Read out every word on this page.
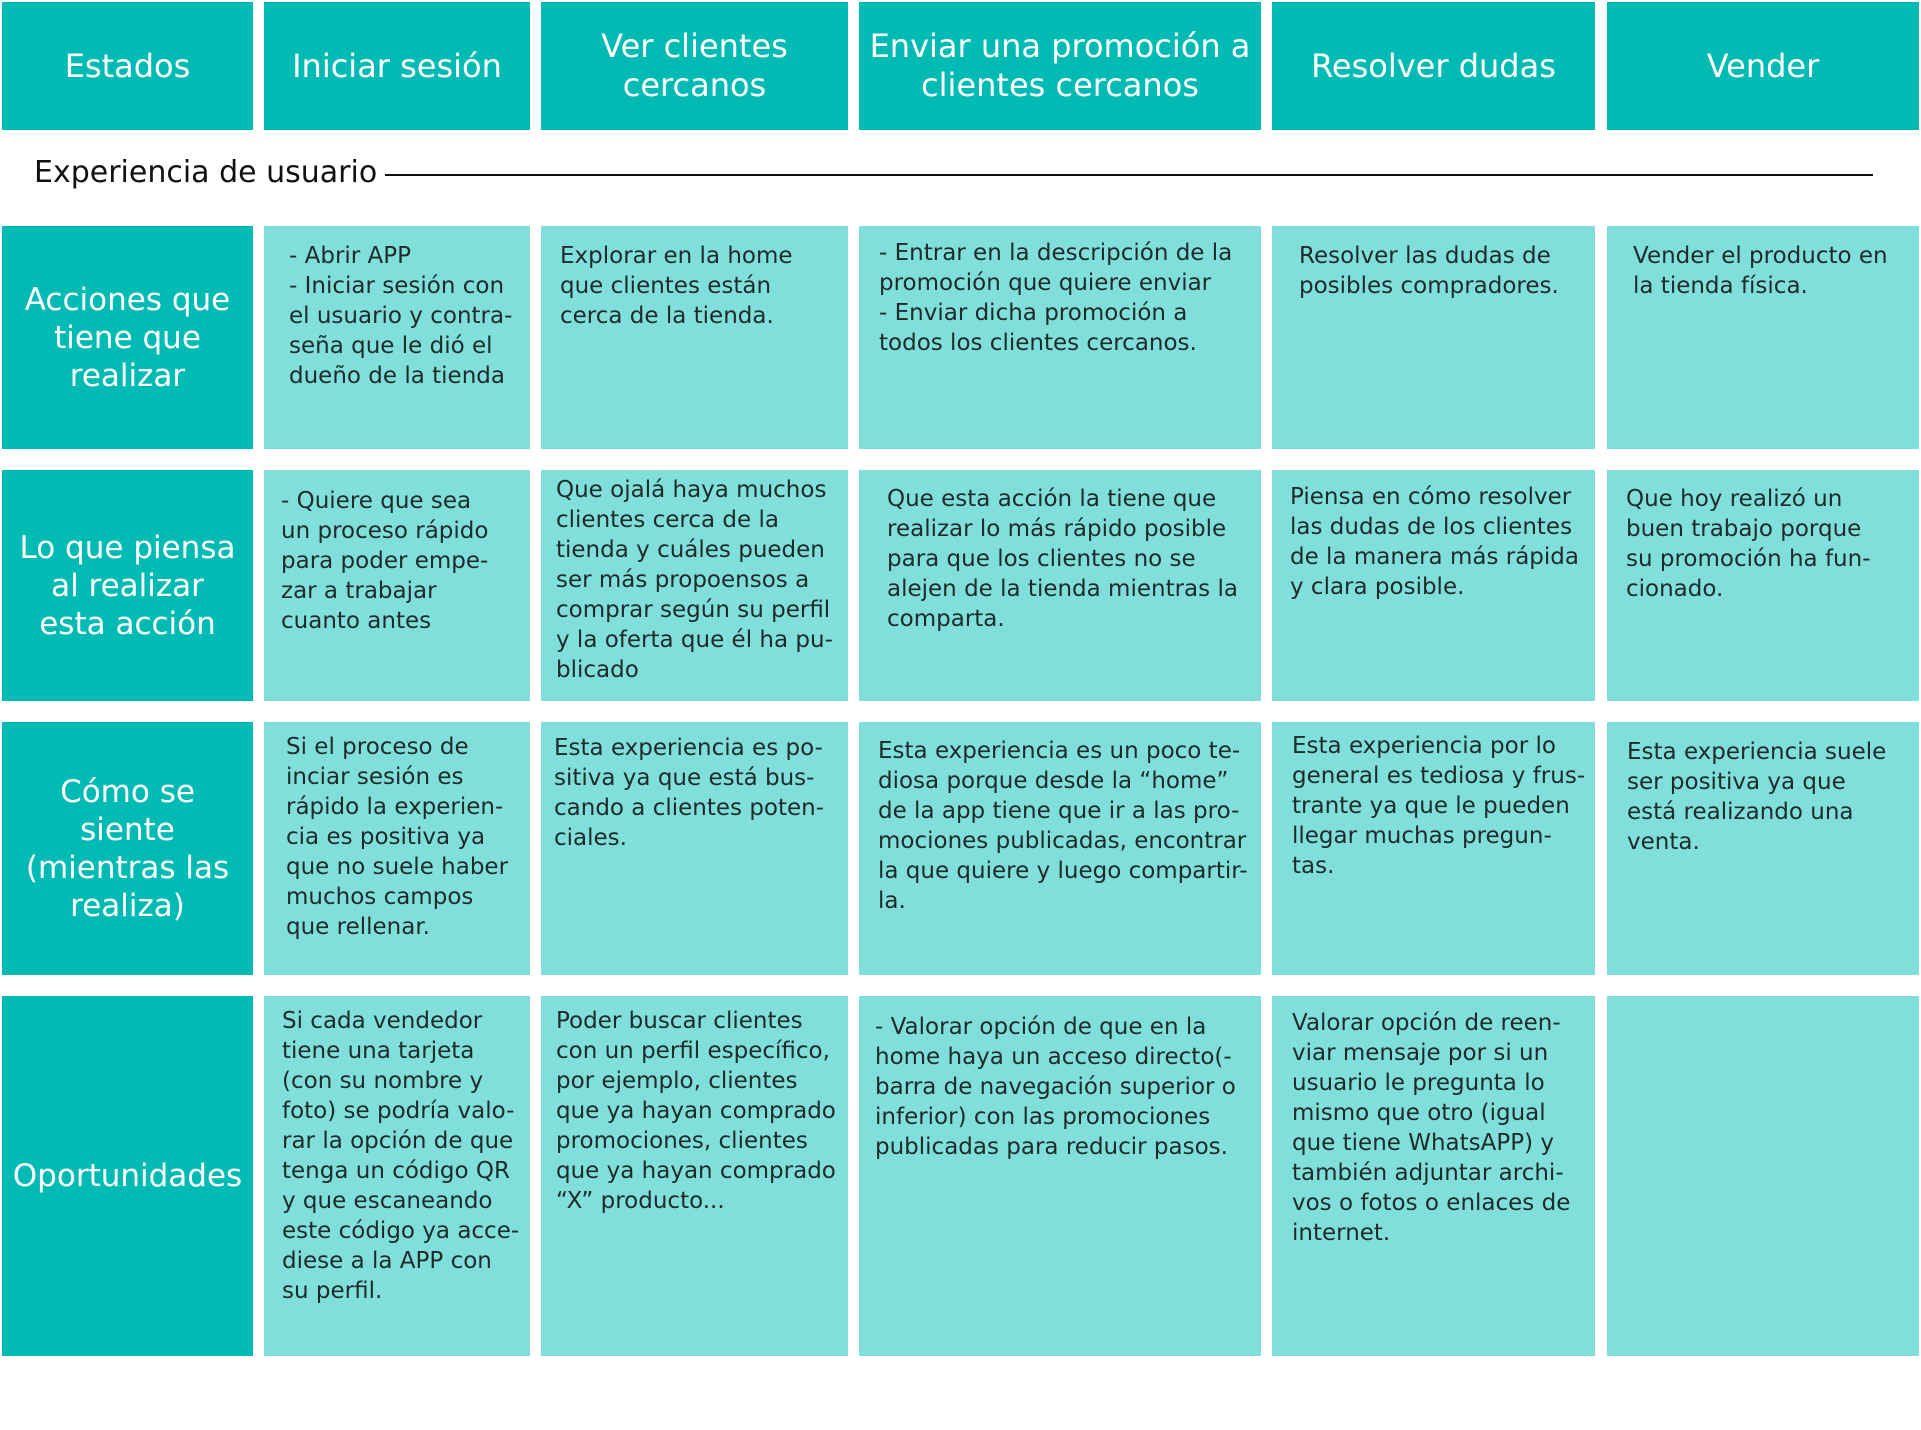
Estados	Iniciar sesión
Ver clientes
cercanos
Enviar una promoción a
clientes cercanos
Resolver dudas	Vender
Experiencia de usuario
Acciones que
tiene que
realizar
- Abrir APP
- Iniciar sesión con
el usuario y contra-
seña que le dió el
dueño de la tienda
Explorar en la home
que clientes están
cerca de la tienda.
- Entrar en la descripción de la
promoción que quiere enviar
- Enviar dicha promoción a
todos los clientes cercanos.
Resolver las dudas de
posibles compradores.
Vender el producto en
la tienda física.
Lo que piensa
al realizar
esta acción
- Quiere que sea
un proceso rápido
para poder empe-
zar a trabajar
cuanto antes
Que ojalá haya muchos
clientes cerca de la
tienda y cuáles pueden
ser más propoensos a
comprar según su perfil
y la oferta que él ha pu-
blicado
Que esta acción la tiene que
realizar lo más rápido posible
para que los clientes no se
alejen de la tienda mientras la
comparta.
Piensa en cómo resolver
las dudas de los clientes
de la manera más rápida
y clara posible.
Que hoy realizó un
buen trabajo porque
su promoción ha fun-
cionado.
Cómo se siente
(mientras las
realiza)
Si el proceso de
inciar sesión es
rápido la experien-
cia es positiva ya
que no suele haber
muchos campos
que rellenar.
Esta experiencia es po-
sitiva ya que está bus-
cando a clientes poten-
ciales.
Esta experiencia es un poco te-
diosa porque desde la “home”
de la app tiene que ir a las pro-
mociones publicadas, encontrar
la que quiere y luego compartir-
la.
Esta experiencia por lo
general es tediosa y frus-
trante ya que le pueden
llegar muchas pregun-
tas.
Esta experiencia suele
ser positiva ya que
está realizando una
venta.
Oportunidades
Si cada vendedor
tiene una tarjeta
(con su nombre y
foto) se podría valo-
rar la opción de que
tenga un código QR
y que escaneando
este código ya acce-
diese a la APP con
su perfil.
Poder buscar clientes
con un perfil específico,
por ejemplo, clientes
que ya hayan comprado
promociones, clientes
que ya hayan comprado
“X” producto...
- Valorar opción de que en la
home haya un acceso directo(-
barra de navegación superior o
inferior) con las promociones
publicadas para reducir pasos.
Valorar opción de reen-
viar mensaje por si un
usuario le pregunta lo
mismo que otro (igual
que tiene WhatsAPP) y
también adjuntar archi-
vos o fotos o enlaces de
internet.
